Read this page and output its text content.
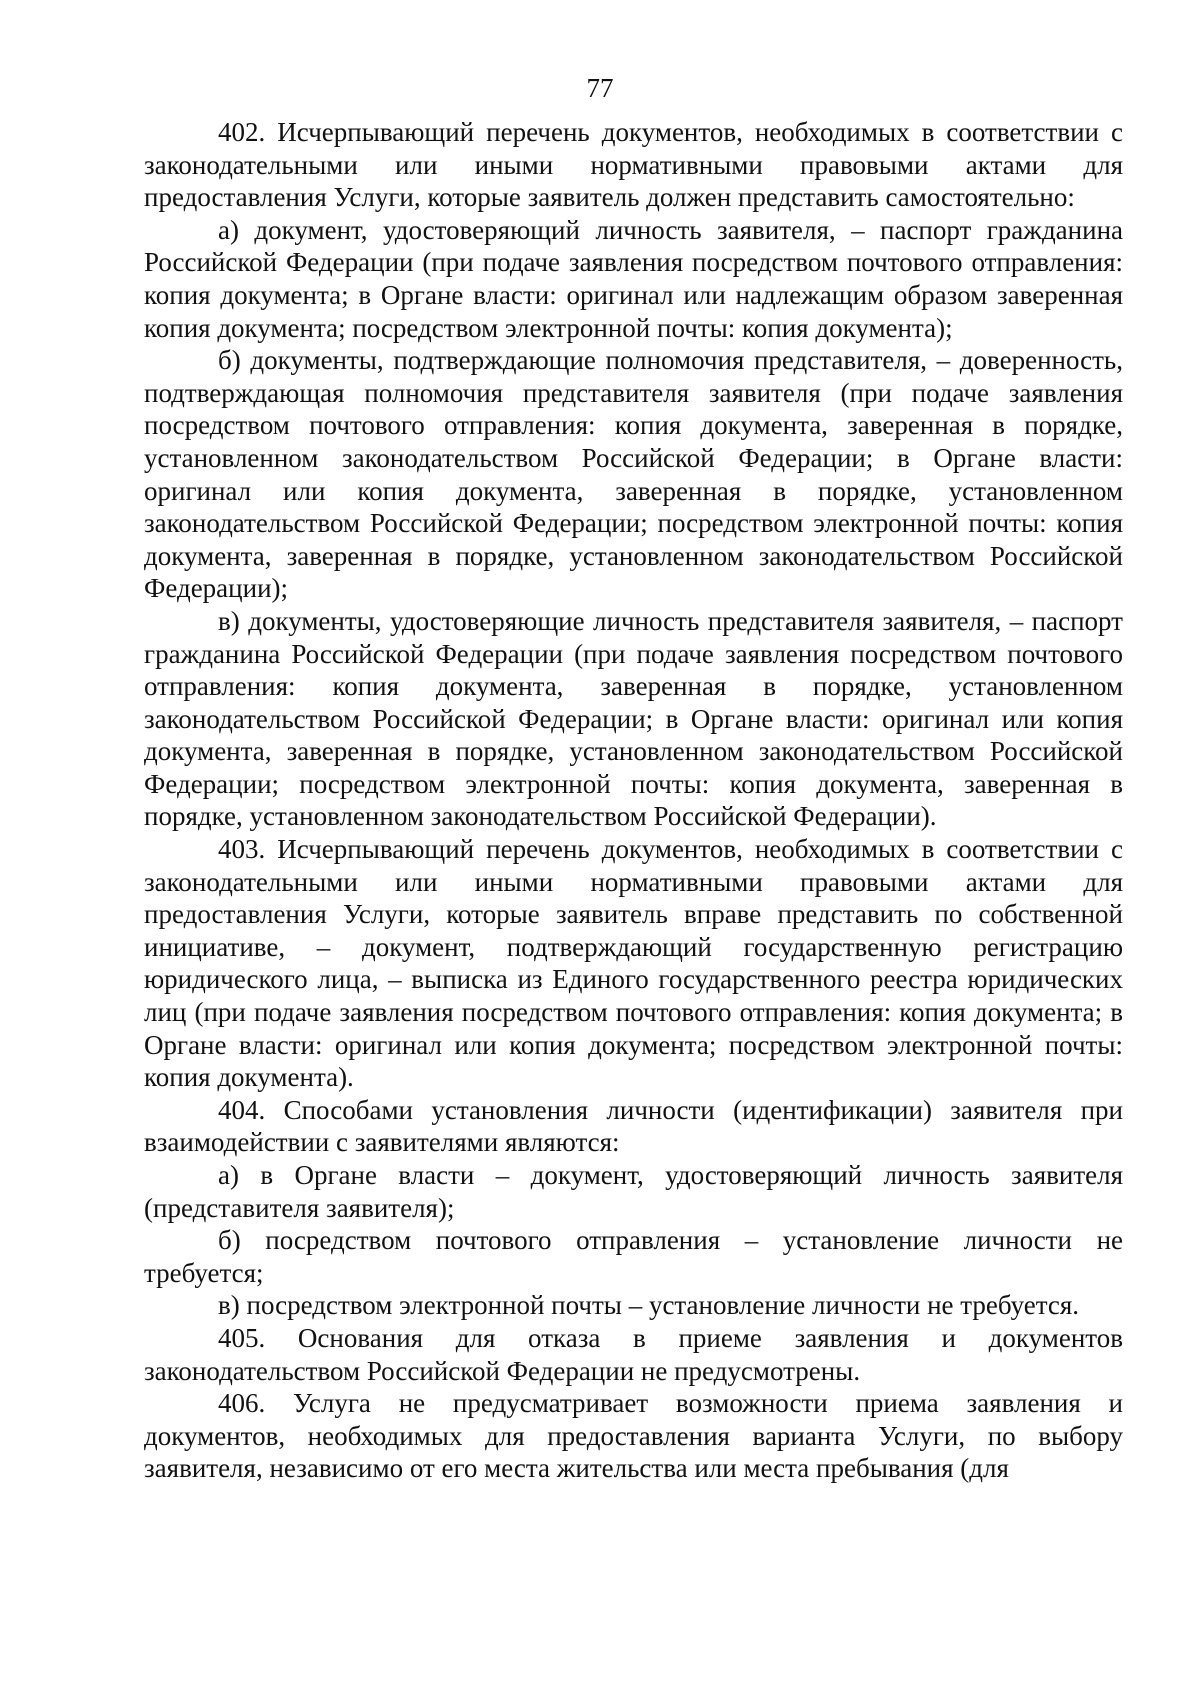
77

402. Исчерпывающий перечень документов, необходимых в соответствии с законодательными или иными нормативными правовыми актами для предоставления Услуги, которые заявитель должен представить самостоятельно:

а) документ, удостоверяющий личность заявителя, – паспорт гражданина Российской Федерации (при подаче заявления посредством почтового отправления: копия документа; в Органе власти: оригинал или надлежащим образом заверенная копия документа; посредством электронной почты: копия документа);

б) документы, подтверждающие полномочия представителя, – доверенность, подтверждающая полномочия представителя заявителя (при подаче заявления посредством почтового отправления: копия документа, заверенная в порядке, установленном законодательством Российской Федерации; в Органе власти: оригинал или копия документа, заверенная в порядке, установленном законодательством Российской Федерации; посредством электронной почты: копия документа, заверенная в порядке, установленном законодательством Российской Федерации);

в) документы, удостоверяющие личность представителя заявителя, – паспорт гражданина Российской Федерации (при подаче заявления посредством почтового отправления: копия документа, заверенная в порядке, установленном законодательством Российской Федерации; в Органе власти: оригинал или копия документа, заверенная в порядке, установленном законодательством Российской Федерации; посредством электронной почты: копия документа, заверенная в порядке, установленном законодательством Российской Федерации).

403. Исчерпывающий перечень документов, необходимых в соответствии с законодательными или иными нормативными правовыми актами для предоставления Услуги, которые заявитель вправе представить по собственной инициативе, – документ, подтверждающий государственную регистрацию юридического лица, – выписка из Единого государственного реестра юридических лиц (при подаче заявления посредством почтового отправления: копия документа; в Органе власти: оригинал или копия документа; посредством электронной почты: копия документа).

404. Способами установления личности (идентификации) заявителя при взаимодействии с заявителями являются:

а) в Органе власти – документ, удостоверяющий личность заявителя (представителя заявителя);

б) посредством почтового отправления – установление личности не требуется;

в) посредством электронной почты – установление личности не требуется.

405. Основания для отказа в приеме заявления и документов законодательством Российской Федерации не предусмотрены.

406. Услуга не предусматривает возможности приема заявления и документов, необходимых для предоставления варианта Услуги, по выбору заявителя, независимо от его места жительства или места пребывания (для
